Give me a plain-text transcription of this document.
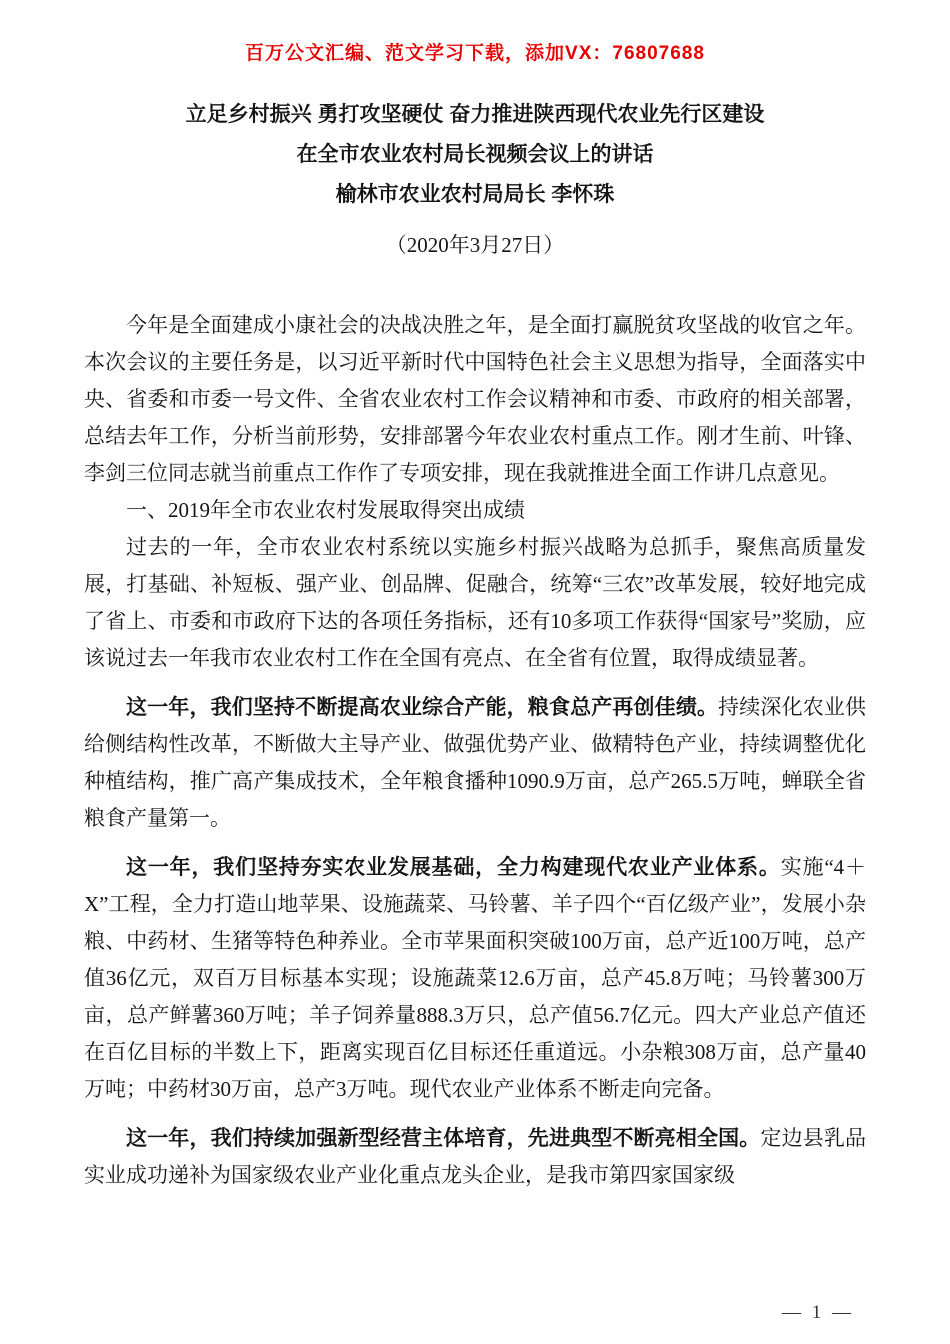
百万公文汇编、范文学习下载，添加VX：76807688
立足乡村振兴 勇打攻坚硬仗 奋力推进陕西现代农业先行区建设
在全市农业农村局长视频会议上的讲话
榆林市农业农村局局长 李怀珠
（2020年3月27日）

今年是全面建成小康社会的决战决胜之年，是全面打赢脱贫攻坚战的收官之年。本次会议的主要任务是，以习近平新时代中国特色社会主义思想为指导，全面落实中央、省委和市委一号文件、全省农业农村工作会议精神和市委、市政府的相关部署，总结去年工作，分析当前形势，安排部署今年农业农村重点工作。刚才生前、叶锋、李剑三位同志就当前重点工作作了专项安排，现在我就推进全面工作讲几点意见。

一、2019年全市农业农村发展取得突出成绩

过去的一年，全市农业农村系统以实施乡村振兴战略为总抓手，聚焦高质量发展，打基础、补短板、强产业、创品牌、促融合，统筹“三农”改革发展，较好地完成了省上、市委和市政府下达的各项任务指标，还有10多项工作获得“国家号”奖励，应该说过去一年我市农业农村工作在全国有亮点、在全省有位置，取得成绩显著。

这一年，我们坚持不断提高农业综合产能，粮食总产再创佳绩。持续深化农业供给侧结构性改革，不断做大主导产业、做强优势产业、做精特色产业，持续调整优化种植结构，推广高产集成技术，全年粮食播种1090.9万亩，总产265.5万吨，蝉联全省粮食产量第一。

这一年，我们坚持夯实农业发展基础，全力构建现代农业产业体系。实施“4＋X”工程，全力打造山地苹果、设施蔬菜、马铃薯、羊子四个“百亿级产业”，发展小杂粮、中药材、生猪等特色种养业。全市苹果面积突破100万亩，总产近100万吨，总产值36亿元，双百万目标基本实现；设施蔬菜12.6万亩，总产45.8万吨；马铃薯300万亩，总产鲜薯360万吨；羊子饲养量888.3万只，总产值56.7亿元。四大产业总产值还在百亿目标的半数上下，距离实现百亿目标还任重道远。小杂粮308万亩，总产量40万吨；中药材30万亩，总产3万吨。现代农业产业体系不断走向完备。

这一年，我们持续加强新型经营主体培育，先进典型不断亮相全国。定边县乳品实业成功递补为国家级农业产业化重点龙头企业，是我市第四家国家级

— 1 —
